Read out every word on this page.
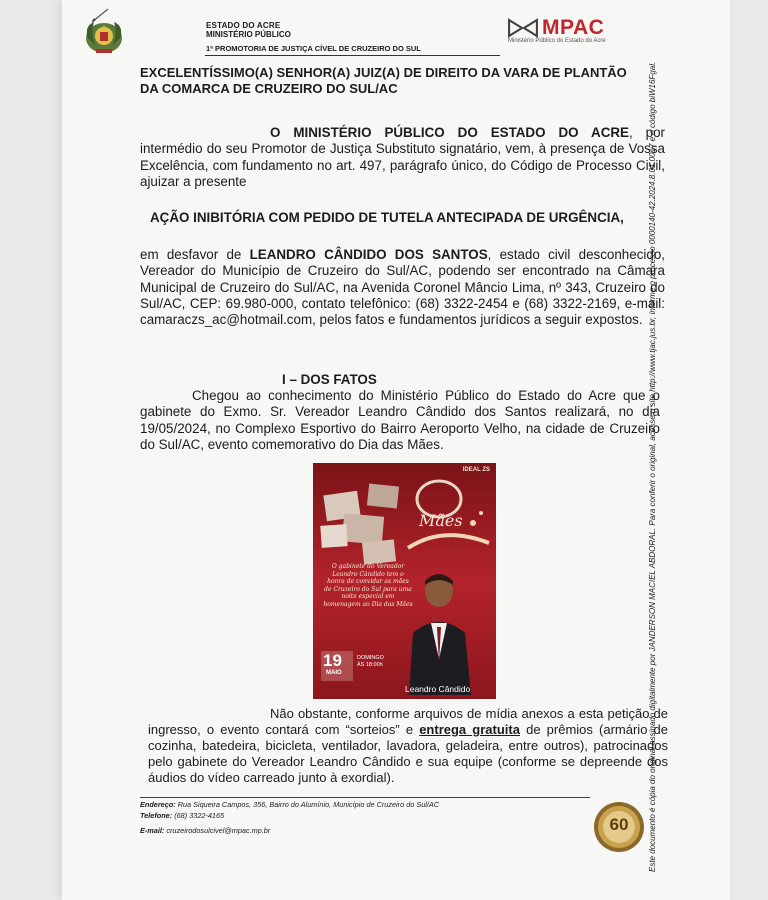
ESTADO DO ACRE
MINISTÉRIO PÚBLICO
1ª PROMOTORIA DE JUSTIÇA CÍVEL DE CRUZEIRO DO SUL
MPAC
Ministério Público do Estado do Acre
EXCELENTÍSSIMO(A) SENHOR(A) JUIZ(A) DE DIREITO DA VARA DE PLANTÃO
DA COMARCA DE CRUZEIRO DO SUL/AC
O MINISTÉRIO PÚBLICO DO ESTADO DO ACRE, por intermédio do seu Promotor de Justiça Substituto signatário, vem, à presença de Vossa Excelência, com fundamento no art. 497, parágrafo único, do Código de Processo Civil, ajuizar a presente
AÇÃO INIBITÓRIA COM PEDIDO DE TUTELA ANTECIPADA DE URGÊNCIA,
em desfavor de LEANDRO CÂNDIDO DOS SANTOS, estado civil desconhecido, Vereador do Município de Cruzeiro do Sul/AC, podendo ser encontrado na Câmara Municipal de Cruzeiro do Sul/AC, na Avenida Coronel Mâncio Lima, nº 343, Cruzeiro do Sul/AC, CEP: 69.980-000, contato telefônico: (68) 3322-2454 e (68) 3322-2169, e-mail: camaraczs_ac@hotmail.com, pelos fatos e fundamentos jurídicos a seguir expostos.
I – DOS FATOS
Chegou ao conhecimento do Ministério Público do Estado do Acre que o gabinete do Exmo. Sr. Vereador Leandro Cândido dos Santos realizará, no dia 19/05/2024, no Complexo Esportivo do Bairro Aeroporto Velho, na cidade de Cruzeiro do Sul/AC, evento comemorativo do Dia das Mães.
IDEAL ZS
Mães
O gabinete do Vereador Leandro Cândido tem o honra de convidar as mães de Cruzeiro do Sul para uma noite especial em homenagem ao Dia das Mães
19
MAIO
DOMINGO ÀS 18:00h
Leandro Cândido
Não obstante, conforme arquivos de mídia anexos a esta petição de ingresso, o evento contará com “sorteios” e entrega gratuita de prêmios (armário de cozinha, batedeira, bicicleta, ventilador, lavadora, geladeira, entre outros), patrocinados pelo gabinete do Vereador Leandro Cândido e sua equipe (conforme se depreende dos áudios do vídeo carreado junto à exordial).
Endereço: Rua Siqueira Campos, 356, Bairro do Alumínio, Município de Cruzeiro do Sul/AC
Telefone: (68) 3322-4165
E-mail: cruzeirodosulcivel@mpac.mp.br	60	Este documento é cópia do original assinado digitalmente por JANDERSON MACIEL ABDORAL. Para conferir o original, acesse o site http://www.tjac.jus.br, informe o processo 0000140-42.2024.8.01.0017 e o código biW16Fgal.
